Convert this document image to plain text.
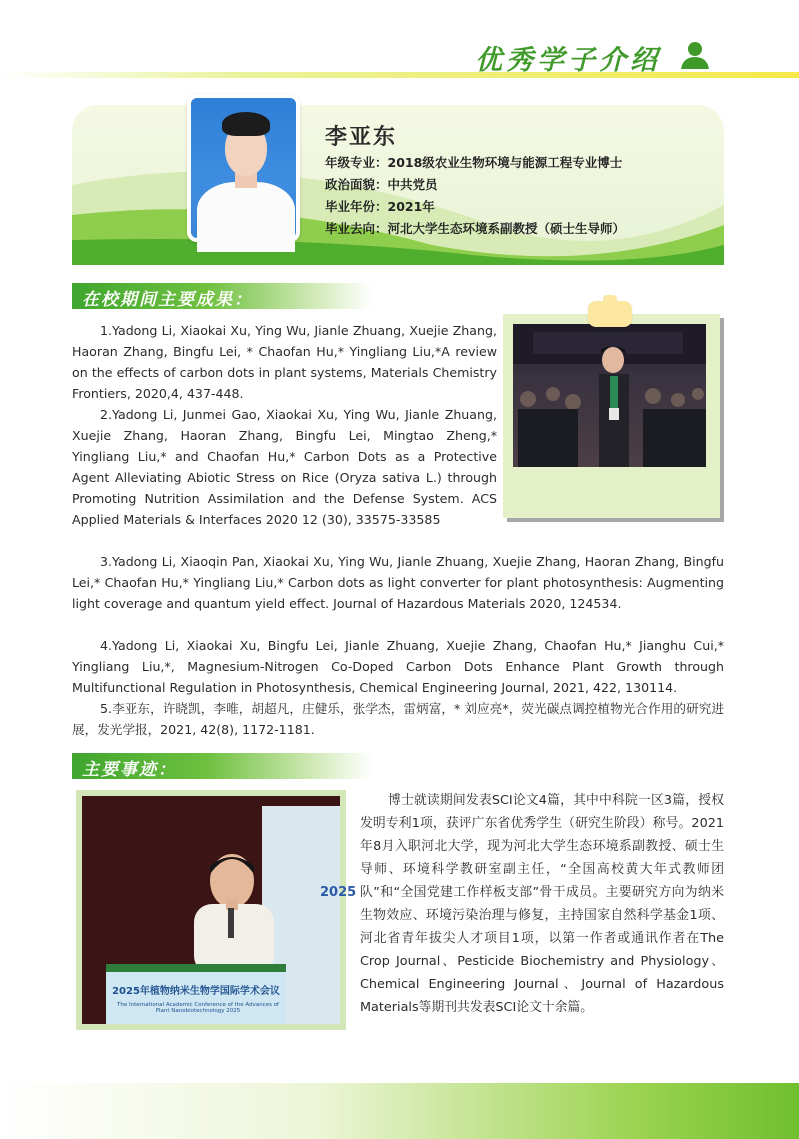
优秀学子介绍
李亚东
年级专业：2018级农业生物环境与能源工程专业博士
政治面貌：中共党员
毕业年份：2021年
毕业去向：河北大学生态环境系副教授（硕士生导师）
在校期间主要成果：
1.Yadong Li, Xiaokai Xu, Ying Wu, Jianle Zhuang, Xuejie Zhang, Haoran Zhang, Bingfu Lei, * Chaofan Hu,* Yingliang Liu,*A review on the effects of carbon dots in plant systems, Materials Chemistry Frontiers, 2020,4, 437-448.
2.Yadong Li, Junmei Gao, Xiaokai Xu, Ying Wu, Jianle Zhuang, Xuejie Zhang, Haoran Zhang, Bingfu Lei, Mingtao Zheng,* Yingliang Liu,* and Chaofan Hu,* Carbon Dots as a Protective Agent Alleviating Abiotic Stress on Rice (Oryza sativa L.) through Promoting Nutrition Assimilation and the Defense System. ACS Applied Materials & Interfaces 2020 12 (30), 33575-33585
3.Yadong Li, Xiaoqin Pan, Xiaokai Xu, Ying Wu, Jianle Zhuang, Xuejie Zhang, Haoran Zhang, Bingfu Lei,* Chaofan Hu,* Yingliang Liu,* Carbon dots as light converter for plant photosynthesis: Augmenting light coverage and quantum yield effect. Journal of Hazardous Materials 2020, 124534.
4.Yadong Li, Xiaokai Xu, Bingfu Lei, Jianle Zhuang, Xuejie Zhang, Chaofan Hu,* Jianghu Cui,* Yingliang Liu,*, Magnesium-Nitrogen Co-Doped Carbon Dots Enhance Plant Growth through Multifunctional Regulation in Photosynthesis, Chemical Engineering Journal, 2021, 422, 130114.
5.李亚东，许晓凯，李唯，胡超凡，庄健乐，张学杰，雷炳富，* 刘应亮*，荧光碳点调控植物光合作用的研究进展，发光学报，2021, 42(8), 1172-1181.
主要事迹：
2025
2025年植物纳米生物学国际学术会议
The International Academic Conference of the Advances of Plant Nanobiotechnology 2025
博士就读期间发表SCI论文4篇，其中中科院一区3篇，授权发明专利1项，获评广东省优秀学生（研究生阶段）称号。2021年8月入职河北大学，现为河北大学生态环境系副教授、硕士生导师、环境科学教研室副主任，“全国高校黄大年式教师团队”和“全国党建工作样板支部”骨干成员。主要研究方向为纳米生物效应、环境污染治理与修复，主持国家自然科学基金1项、河北省青年拔尖人才项目1项，以第一作者或通讯作者在The Crop Journal、Pesticide Biochemistry and Physiology、Chemical Engineering Journal、Journal of Hazardous Materials等期刊共发表SCI论文十余篇。
